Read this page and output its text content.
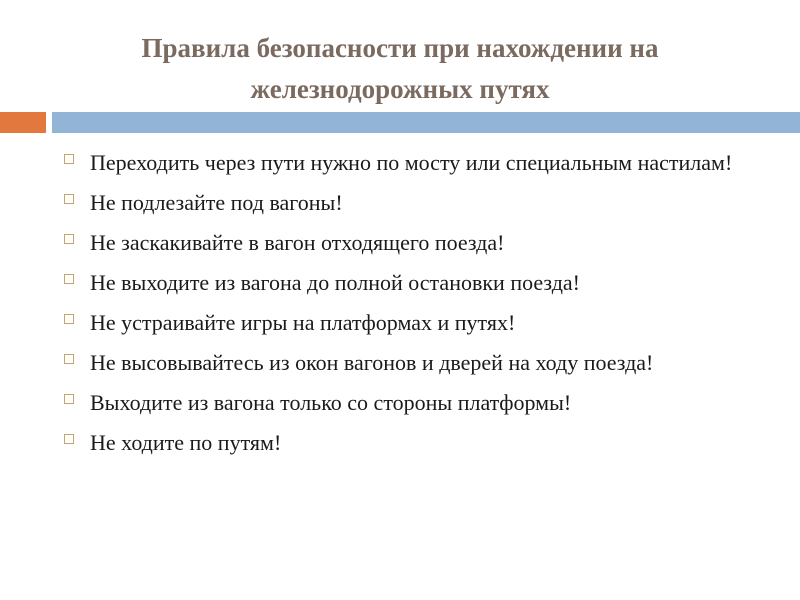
Правила безопасности при нахождении на
железнодорожных путях
Переходить через пути нужно по мосту или специальным настилам!
Не подлезайте под вагоны!
Не заскакивайте в вагон отходящего поезда!
Не выходите из вагона до полной остановки поезда!
Не устраивайте игры на платформах и путях!
Не высовывайтесь из окон вагонов и дверей на ходу поезда!
Выходите из вагона только со стороны платформы!
Не ходите по путям!
